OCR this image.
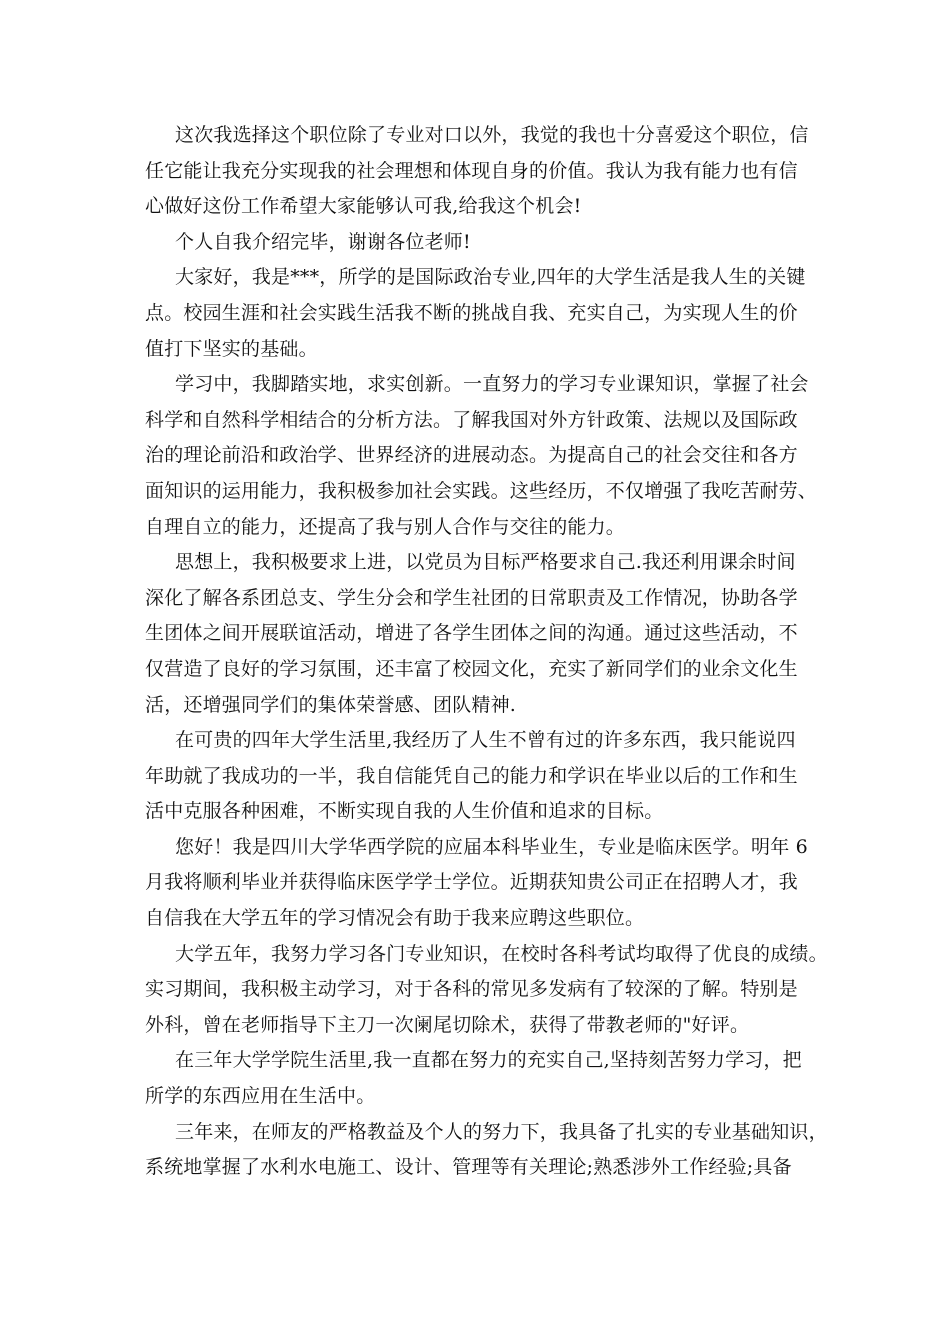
这次我选择这个职位除了专业对口以外，我觉的我也十分喜爱这个职位，信
任它能让我充分实现我的社会理想和体现自身的价值。我认为我有能力也有信
心做好这份工作希望大家能够认可我,给我这个机会!
个人自我介绍完毕，谢谢各位老师!
大家好，我是***，所学的是国际政治专业,四年的大学生活是我人生的关键
点。校园生涯和社会实践生活我不断的挑战自我、充实自己，为实现人生的价
值打下坚实的基础。
学习中，我脚踏实地，求实创新。一直努力的学习专业课知识，掌握了社会
科学和自然科学相结合的分析方法。了解我国对外方针政策、法规以及国际政
治的理论前沿和政治学、世界经济的进展动态。为提高自己的社会交往和各方
面知识的运用能力，我积极参加社会实践。这些经历，不仅增强了我吃苦耐劳、
自理自立的能力，还提高了我与别人合作与交往的能力。
思想上，我积极要求上进，以党员为目标严格要求自己.我还利用课余时间
深化了解各系团总支、学生分会和学生社团的日常职责及工作情况，协助各学
生团体之间开展联谊活动，增进了各学生团体之间的沟通。通过这些活动，不
仅营造了良好的学习氛围，还丰富了校园文化，充实了新同学们的业余文化生
活，还增强同学们的集体荣誉感、团队精神.
在可贵的四年大学生活里,我经历了人生不曾有过的许多东西，我只能说四
年助就了我成功的一半，我自信能凭自己的能力和学识在毕业以后的工作和生
活中克服各种困难，不断实现自我的人生价值和追求的目标。
您好！我是四川大学华西学院的应届本科毕业生，专业是临床医学。明年 6
月我将顺利毕业并获得临床医学学士学位。近期获知贵公司正在招聘人才，我
自信我在大学五年的学习情况会有助于我来应聘这些职位。
大学五年，我努力学习各门专业知识，在校时各科考试均取得了优良的成绩。
实习期间，我积极主动学习，对于各科的常见多发病有了较深的了解。特别是
外科，曾在老师指导下主刀一次阑尾切除术，获得了带教老师的"好评。
在三年大学学院生活里,我一直都在努力的充实自己,坚持刻苦努力学习，把
所学的东西应用在生活中。
三年来，在师友的严格教益及个人的努力下，我具备了扎实的专业基础知识，
系统地掌握了水利水电施工、设计、管理等有关理论;熟悉涉外工作经验;具备
